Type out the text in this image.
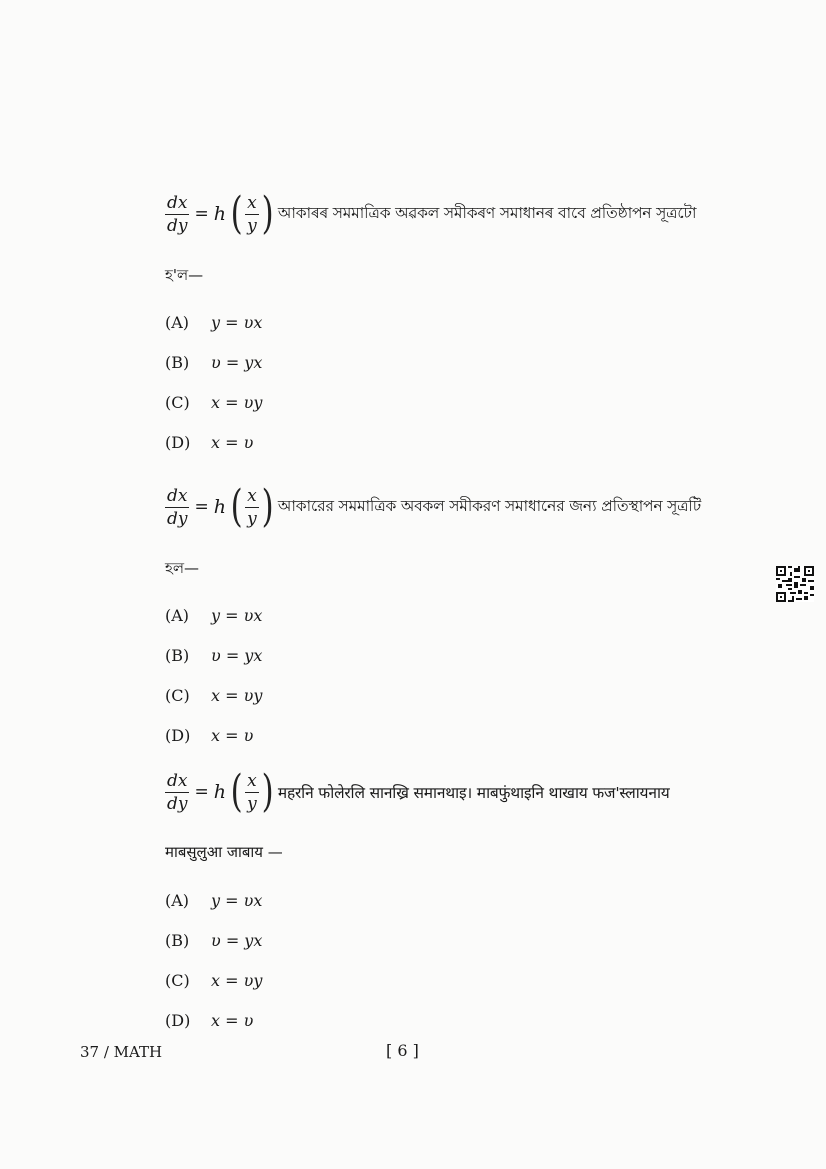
$\frac{dx}{dy} = h$ ( $\frac{x}{y}$ ) আকাৰৰ সমমাত্ৰিক অৱকল সমীকৰণ সমাধানৰ বাবে প্ৰতিষ্ঠাপন সূত্ৰটো
হ'ল—
(A)	y = υx
(B)	υ = yx
(C)	x = υy
(D)	x = υ
$\frac{dx}{dy} = h$ ( $\frac{x}{y}$ ) আকারের সমমাত্রিক অবকল সমীকরণ সমাধানের জন্য প্রতিস্থাপন সূত্রটি
হল—
(A)	y = υx
(B)	υ = yx
(C)	x = υy
(D)	x = υ
$\frac{dx}{dy} = h$ ( $\frac{x}{y}$ ) महरनि फोलेरलि सानख्रि समानथाइ। माबफुंथाइनि थाखाय फज'स्लायनाय
माबसुलुआ जाबाय —
(A)	y = υx
(B)	υ = yx
(C)	x = υy
(D)	x = υ
37 / MATH	[ 6 ]
